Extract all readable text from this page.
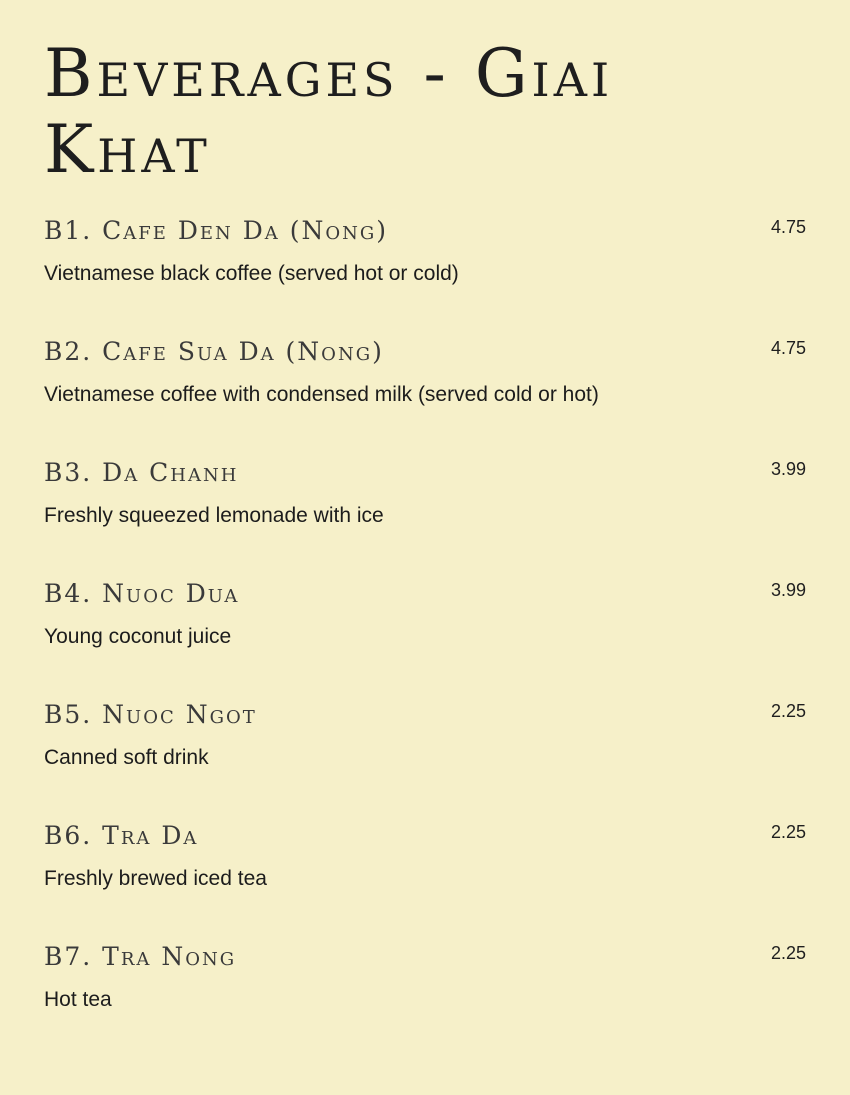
Beverages - Giai Khat
B1. Cafe Den Da (Nong)	4.75
Vietnamese black coffee (served hot or cold)
B2. Cafe Sua Da (Nong)	4.75
Vietnamese coffee with condensed milk (served cold or hot)
B3. Da Chanh	3.99
Freshly squeezed lemonade with ice
B4. Nuoc Dua	3.99
Young coconut juice
B5. Nuoc Ngot	2.25
Canned soft drink
B6. Tra Da	2.25
Freshly brewed iced tea
B7. Tra Nong	2.25
Hot tea
